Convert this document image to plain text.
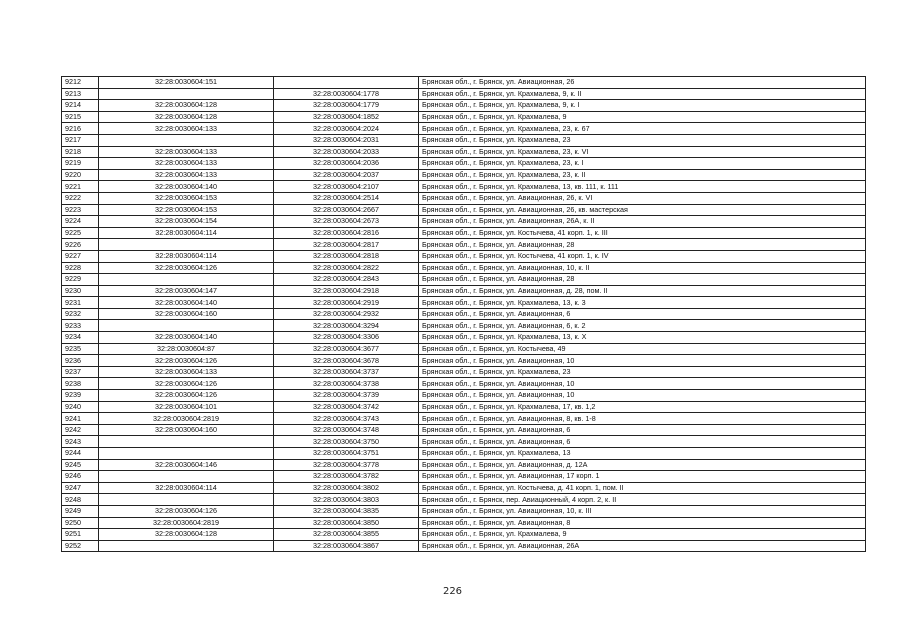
9212	32:28:0030604:151		Брянская обл., г. Брянск, ул. Авиационная, 26
9213		32:28:0030604:1778	Брянская обл., г. Брянск, ул. Крахмалева, 9, к. II
9214	32:28:0030604:128	32:28:0030604:1779	Брянская обл., г. Брянск, ул. Крахмалева, 9, к. I
9215	32:28:0030604:128	32:28:0030604:1852	Брянская обл., г. Брянск, ул. Крахмалева, 9
9216	32:28:0030604:133	32:28:0030604:2024	Брянская обл., г. Брянск, ул. Крахмалева, 23, к. 67
9217		32:28:0030604:2031	Брянская обл., г. Брянск, ул. Крахмалева, 23
9218	32:28:0030604:133	32:28:0030604:2033	Брянская обл., г. Брянск, ул. Крахмалева, 23, к. VI
9219	32:28:0030604:133	32:28:0030604:2036	Брянская обл., г. Брянск, ул. Крахмалева, 23, к. I
9220	32:28:0030604:133	32:28:0030604:2037	Брянская обл., г. Брянск, ул. Крахмалева, 23, к. II
9221	32:28:0030604:140	32:28:0030604:2107	Брянская обл., г. Брянск, ул. Крахмалева, 13, кв. 111, к. 111
9222	32:28:0030604:153	32:28:0030604:2514	Брянская обл., г. Брянск, ул. Авиационная, 26, к. VI
9223	32:28:0030604:153	32:28:0030604:2667	Брянская обл., г. Брянск, ул. Авиационная, 26, кв. мастерская
9224	32:28:0030604:154	32:28:0030604:2673	Брянская обл., г. Брянск, ул. Авиационная, 26А, к. II
9225	32:28:0030604:114	32:28:0030604:2816	Брянская обл., г. Брянск, ул. Костычева, 41 корп. 1, к. III
9226		32:28:0030604:2817	Брянская обл., г. Брянск, ул. Авиационная, 28
9227	32:28:0030604:114	32:28:0030604:2818	Брянская обл., г. Брянск, ул. Костычева, 41 корп. 1, к. IV
9228	32:28:0030604:126	32:28:0030604:2822	Брянская обл., г. Брянск, ул. Авиационная, 10, к. II
9229		32:28:0030604:2843	Брянская обл., г. Брянск, ул. Авиационная, 28
9230	32:28:0030604:147	32:28:0030604:2918	Брянская обл., г. Брянск, ул. Авиационная, д. 28, пом. II
9231	32:28:0030604:140	32:28:0030604:2919	Брянская обл., г. Брянск, ул. Крахмалева, 13, к. 3
9232	32:28:0030604:160	32:28:0030604:2932	Брянская обл., г. Брянск, ул. Авиационная, 6
9233		32:28:0030604:3294	Брянская обл., г. Брянск, ул. Авиационная, 6, к. 2
9234	32:28:0030604:140	32:28:0030604:3306	Брянская обл., г. Брянск, ул. Крахмалева, 13, к. X
9235	32:28:0030604:87	32:28:0030604:3677	Брянская обл., г. Брянск, ул. Костычева, 49
9236	32:28:0030604:126	32:28:0030604:3678	Брянская обл., г. Брянск, ул. Авиационная, 10
9237	32:28:0030604:133	32:28:0030604:3737	Брянская обл., г. Брянск, ул. Крахмалева, 23
9238	32:28:0030604:126	32:28:0030604:3738	Брянская обл., г. Брянск, ул. Авиационная, 10
9239	32:28:0030604:126	32:28:0030604:3739	Брянская обл., г. Брянск, ул. Авиационная, 10
9240	32:28:0030604:101	32:28:0030604:3742	Брянская обл., г. Брянск, ул. Крахмалева, 17, кв. 1,2
9241	32:28:0030604:2819	32:28:0030604:3743	Брянская обл., г. Брянск, ул. Авиационная, 8, кв. 1-8
9242	32:28:0030604:160	32:28:0030604:3748	Брянская обл., г. Брянск, ул. Авиационная, 6
9243		32:28:0030604:3750	Брянская обл., г. Брянск, ул. Авиационная, 6
9244		32:28:0030604:3751	Брянская обл., г. Брянск, ул. Крахмалева, 13
9245	32:28:0030604:146	32:28:0030604:3778	Брянская обл., г. Брянск, ул. Авиационная, д. 12А
9246		32:28:0030604:3782	Брянская обл., г. Брянск, ул. Авиационная, 17 корп. 1
9247	32:28:0030604:114	32:28:0030604:3802	Брянская обл., г. Брянск, ул. Костычева, д. 41 корп. 1, пом. II
9248		32:28:0030604:3803	Брянская обл., г. Брянск, пер. Авиационный, 4 корп. 2, к. II
9249	32:28:0030604:126	32:28:0030604:3835	Брянская обл., г. Брянск, ул. Авиационная, 10, к. III
9250	32:28:0030604:2819	32:28:0030604:3850	Брянская обл., г. Брянск, ул. Авиационная, 8
9251	32:28:0030604:128	32:28:0030604:3855	Брянская обл., г. Брянск, ул. Крахмалева, 9
9252		32:28:0030604:3867	Брянская обл., г. Брянск, ул. Авиационная, 26А
226
